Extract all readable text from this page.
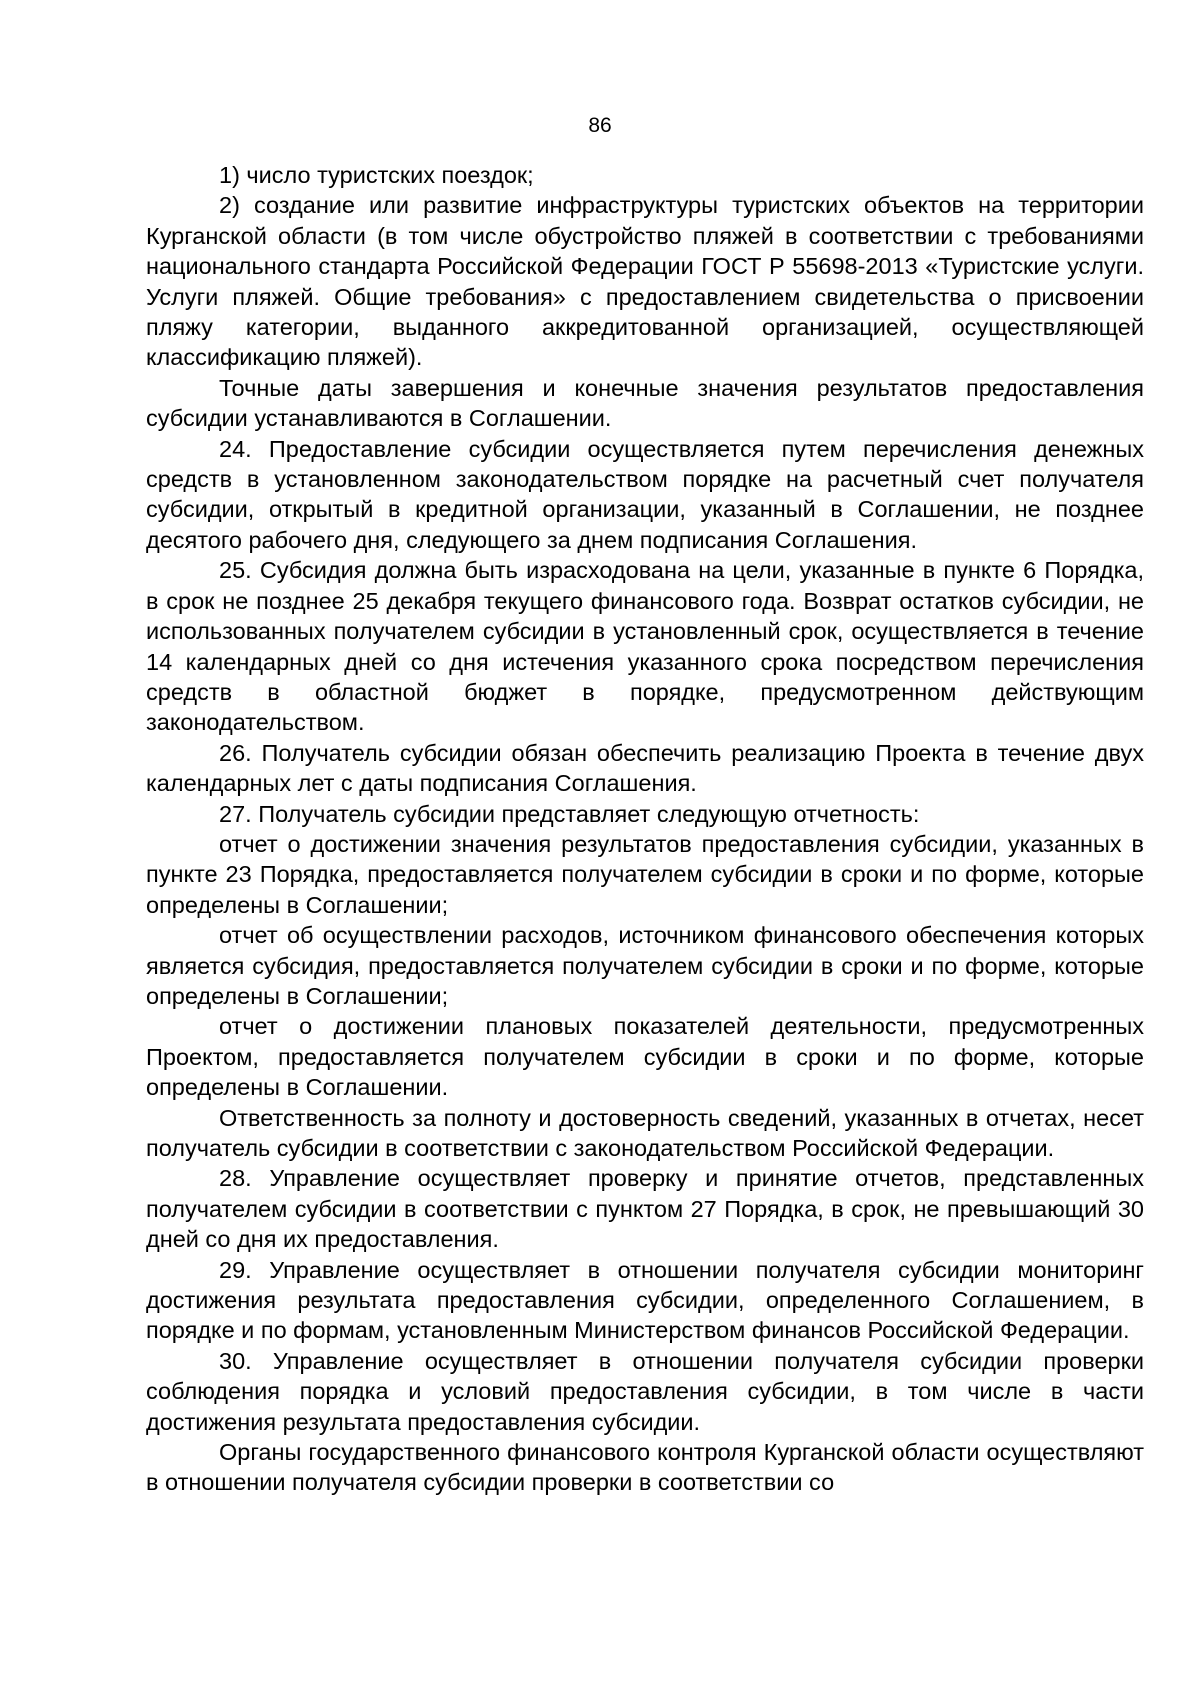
86

1) число туристских поездок;

2) создание или развитие инфраструктуры туристских объектов на территории Курганской области (в том числе обустройство пляжей в соответствии с требованиями национального стандарта Российской Федерации ГОСТ Р 55698-2013 «Туристские услуги. Услуги пляжей. Общие требования» с предоставлением свидетельства о присвоении пляжу категории, выданного аккредитованной организацией, осуществляющей классификацию пляжей).

Точные даты завершения и конечные значения результатов предоставления субсидии устанавливаются в Соглашении.

24. Предоставление субсидии осуществляется путем перечисления денежных средств в установленном законодательством порядке на расчетный счет получателя субсидии, открытый в кредитной организации, указанный в Соглашении, не позднее десятого рабочего дня, следующего за днем подписания Соглашения.

25. Субсидия должна быть израсходована на цели, указанные в пункте 6 Порядка, в срок не позднее 25 декабря текущего финансового года. Возврат остатков субсидии, не использованных получателем субсидии в установленный срок, осуществляется в течение 14 календарных дней со дня истечения указанного срока посредством перечисления средств в областной бюджет в порядке, предусмотренном действующим законодательством.

26. Получатель субсидии обязан обеспечить реализацию Проекта в течение двух календарных лет с даты подписания Соглашения.

27. Получатель субсидии представляет следующую отчетность:

отчет о достижении значения результатов предоставления субсидии, указанных в пункте 23 Порядка, предоставляется получателем субсидии в сроки и по форме, которые определены в Соглашении;

отчет об осуществлении расходов, источником финансового обеспечения которых является субсидия, предоставляется получателем субсидии в сроки и по форме, которые определены в Соглашении;

отчет о достижении плановых показателей деятельности, предусмотренных Проектом, предоставляется получателем субсидии в сроки и по форме, которые определены в Соглашении.

Ответственность за полноту и достоверность сведений, указанных в отчетах, несет получатель субсидии в соответствии с законодательством Российской Федерации.

28. Управление осуществляет проверку и принятие отчетов, представленных получателем субсидии в соответствии с пунктом 27 Порядка, в срок, не превышающий 30 дней со дня их предоставления.

29. Управление осуществляет в отношении получателя субсидии мониторинг достижения результата предоставления субсидии, определенного Соглашением, в порядке и по формам, установленным Министерством финансов Российской Федерации.

30. Управление осуществляет в отношении получателя субсидии проверки соблюдения порядка и условий предоставления субсидии, в том числе в части достижения результата предоставления субсидии.

Органы государственного финансового контроля Курганской области осуществляют в отношении получателя субсидии проверки в соответствии со
